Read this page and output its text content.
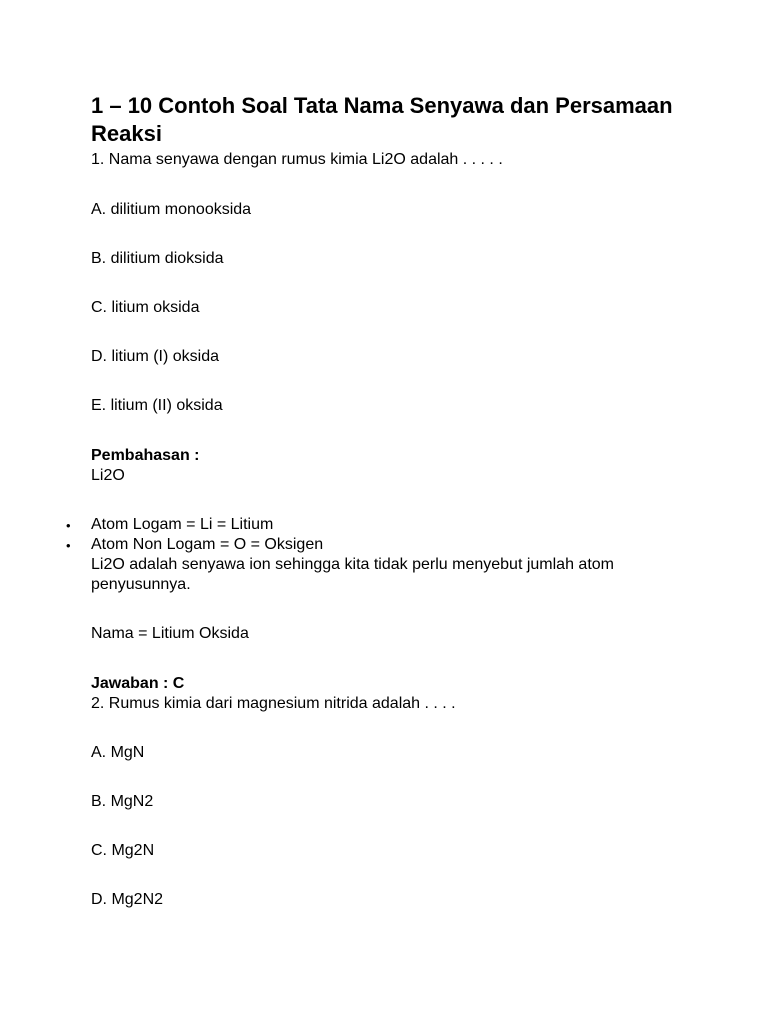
1 – 10 Contoh Soal Tata Nama Senyawa dan Persamaan Reaksi

1. Nama senyawa dengan rumus kimia Li2O adalah . . . . .

A. dilitium monooksida

B. dilitium dioksida

C. litium oksida

D. litium (I) oksida

E. litium (II) oksida

Pembahasan :

Li2O

• Atom Logam = Li = Litium

• Atom Non Logam = O = Oksigen

Li2O adalah senyawa ion sehingga kita tidak perlu menyebut jumlah atom penyusunnya.

Nama = Litium Oksida

Jawaban : C

2. Rumus kimia dari magnesium nitrida adalah . . . .

A. MgN

B. MgN2

C. Mg2N

D. Mg2N2
